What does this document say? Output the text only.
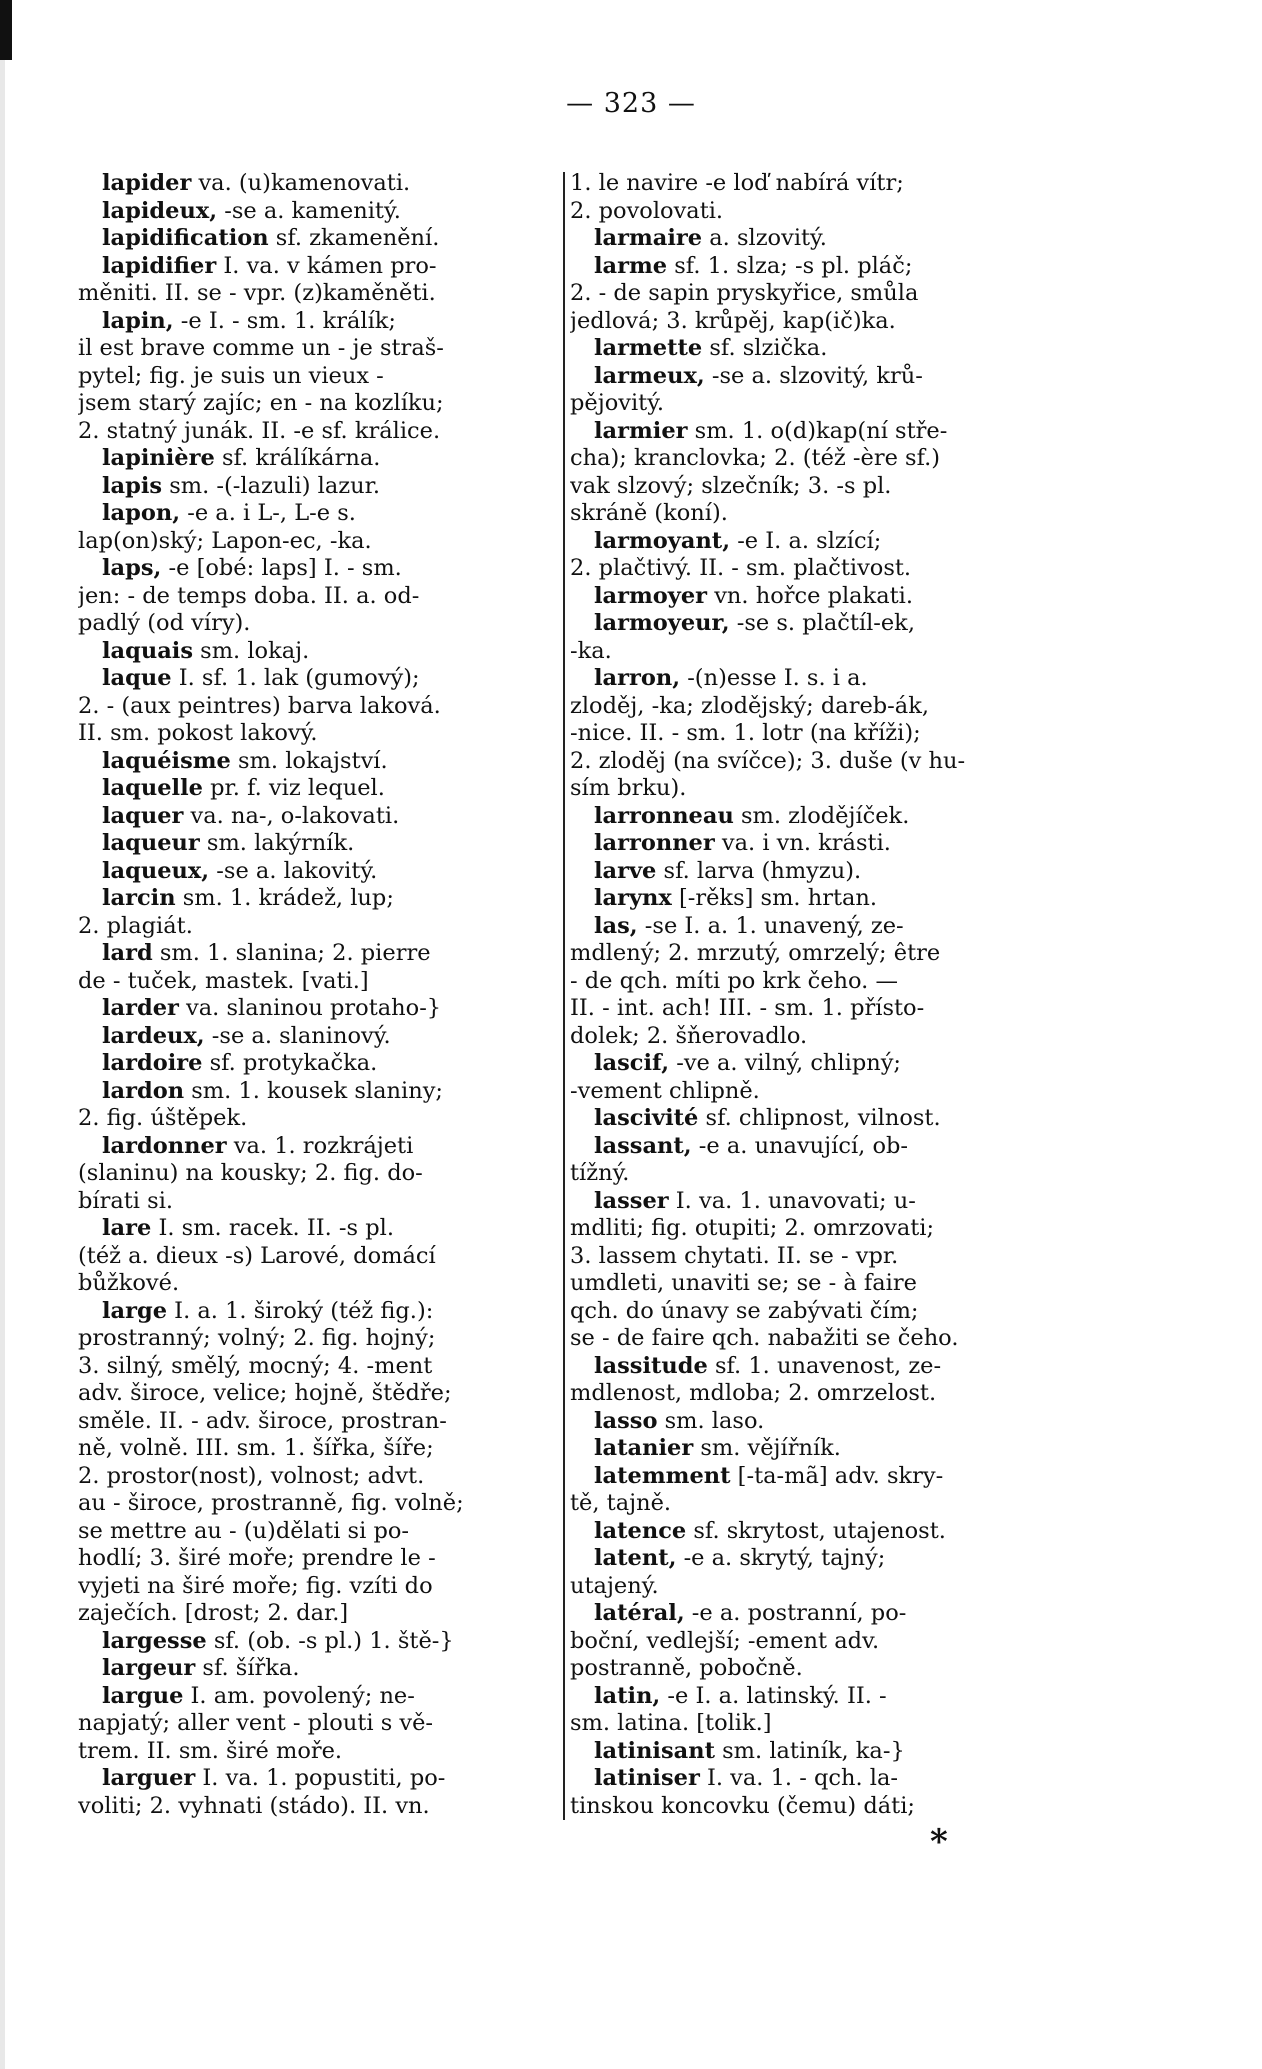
— 323 —
lapider va. (u)kamenovati.
lapideux, -se a. kamenitý.
lapidification sf. zkamenění.
lapidifier I. va. v kámen pro-
měniti. II. se - vpr. (z)kaměněti.
lapin, -e I. - sm. 1. králík;
il est brave comme un - je straš-
pytel; fig. je suis un vieux -
jsem starý zajíc; en - na kozlíku;
2. statný junák. II. -e sf. králice.
lapinière sf. králíkárna.
lapis sm. -(-lazuli) lazur.
lapon, -e a. i L-, L-e s.
lap(on)ský; Lapon-ec, -ka.
laps, -e [obé: laps] I. - sm.
jen: - de temps doba. II. a. od-
padlý (od víry).
laquais sm. lokaj.
laque I. sf. 1. lak (gumový);
2. - (aux peintres) barva laková.
II. sm. pokost lakový.
laquéisme sm. lokajství.
laquelle pr. f. viz lequel.
laquer va. na-, o-lakovati.
laqueur sm. lakýrník.
laqueux, -se a. lakovitý.
larcin sm. 1. krádež, lup;
2. plagiát.
lard sm. 1. slanina; 2. pierre
de - tuček, mastek. [vati.]
larder va. slaninou protaho-}
lardeux, -se a. slaninový.
lardoire sf. protykačka.
lardon sm. 1. kousek slaniny;
2. fig. úštěpek.
lardonner va. 1. rozkrájeti
(slaninu) na kousky; 2. fig. do-
bírati si.
lare I. sm. racek. II. -s pl.
(též a. dieux -s) Larové, domácí
bůžkové.
large I. a. 1. široký (též fig.):
prostranný; volný; 2. fig. hojný;
3. silný, smělý, mocný; 4. -ment
adv. široce, velice; hojně, štědře;
směle. II. - adv. široce, prostran-
ně, volně. III. sm. 1. šířka, šíře;
2. prostor(nost), volnost; advt.
au - široce, prostranně, fig. volně;
se mettre au - (u)dělati si po-
hodlí; 3. širé moře; prendre le -
vyjeti na širé moře; fig. vzíti do
zaječích. [drost; 2. dar.]
largesse sf. (ob. -s pl.) 1. ště-}
largeur sf. šířka.
largue I. am. povolený; ne-
napjatý; aller vent - plouti s vě-
trem. II. sm. širé moře.
larguer I. va. 1. popustiti, po-
voliti; 2. vyhnati (stádo). II. vn.
1. le navire -e loď nabírá vítr;
2. povolovati.
larmaire a. slzovitý.
larme sf. 1. slza; -s pl. pláč;
2. - de sapin pryskyřice, smůla
jedlová; 3. krůpěj, kap(ič)ka.
larmette sf. slzička.
larmeux, -se a. slzovitý, krů-
pějovitý.
larmier sm. 1. o(d)kap(ní stře-
cha); kranclovka; 2. (též -ère sf.)
vak slzový; slzečník; 3. -s pl.
skráně (koní).
larmoyant, -e I. a. slzící;
2. plačtivý. II. - sm. plačtivost.
larmoyer vn. hořce plakati.
larmoyeur, -se s. plačtíl-ek,
-ka.
larron, -(n)esse I. s. i a.
zloděj, -ka; zlodějský; dareb-ák,
-nice. II. - sm. 1. lotr (na kříži);
2. zloděj (na svíčce); 3. duše (v hu-
sím brku).
larronneau sm. zlodějíček.
larronner va. i vn. krásti.
larve sf. larva (hmyzu).
larynx [-rěks] sm. hrtan.
las, -se I. a. 1. unavený, ze-
mdlený; 2. mrzutý, omrzelý; être
- de qch. míti po krk čeho. —
II. - int. ach! III. - sm. 1. přísto-
dolek; 2. šňerovadlo.
lascif, -ve a. vilný, chlipný;
-vement chlipně.
lascivité sf. chlipnost, vilnost.
lassant, -e a. unavující, ob-
tížný.
lasser I. va. 1. unavovati; u-
mdliti; fig. otupiti; 2. omrzovati;
3. lassem chytati. II. se - vpr.
umdleti, unaviti se; se - à faire
qch. do únavy se zabývati čím;
se - de faire qch. nabažiti se čeho.
lassitude sf. 1. unavenost, ze-
mdlenost, mdloba; 2. omrzelost.
lasso sm. laso.
latanier sm. vějířník.
latemment [-ta-mã] adv. skry-
tě, tajně.
latence sf. skrytost, utajenost.
latent, -e a. skrytý, tajný;
utajený.
latéral, -e a. postranní, po-
boční, vedlejší; -ement adv.
postranně, pobočně.
latin, -e I. a. latinský. II. -
sm. latina. [tolik.]
latinisant sm. latiník, ka-}
latiniser I. va. 1. - qch. la-
tinskou koncovku (čemu) dáti;
*
